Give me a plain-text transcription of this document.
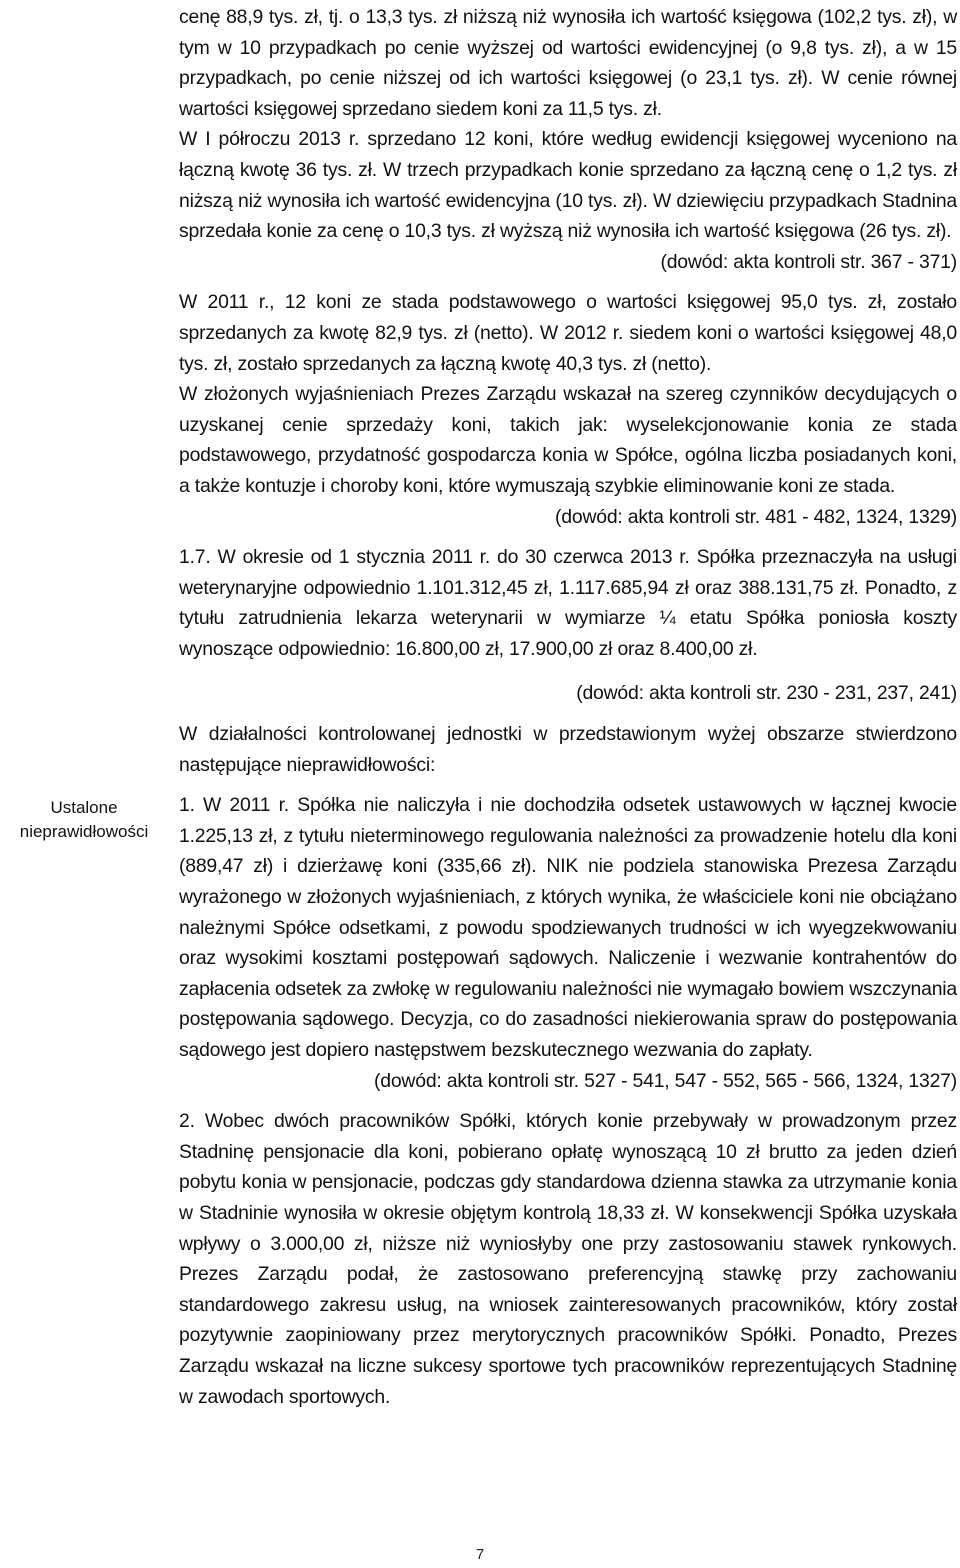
Ustalone
nieprawidłowości

cenę 88,9 tys. zł, tj. o 13,3 tys. zł niższą niż wynosiła ich wartość księgowa (102,2 tys. zł), w tym w 10 przypadkach po cenie wyższej od wartości ewidencyjnej (o 9,8 tys. zł), a w 15 przypadkach, po cenie niższej od ich wartości księgowej (o 23,1 tys. zł). W cenie równej wartości księgowej sprzedano siedem koni za 11,5 tys. zł.

W I półroczu 2013 r. sprzedano 12 koni, które według ewidencji księgowej wyceniono na łączną kwotę 36 tys. zł. W trzech przypadkach konie sprzedano za łączną cenę o 1,2 tys. zł niższą niż wynosiła ich wartość ewidencyjna (10 tys. zł). W dziewięciu przypadkach Stadnina sprzedała konie za cenę o 10,3 tys. zł wyższą niż wynosiła ich wartość księgowa (26 tys. zł).

(dowód: akta kontroli str. 367 - 371)

W 2011 r., 12 koni ze stada podstawowego o wartości księgowej 95,0 tys. zł, zostało sprzedanych za kwotę 82,9 tys. zł (netto). W 2012 r. siedem koni o wartości księgowej 48,0 tys. zł, zostało sprzedanych za łączną kwotę 40,3 tys. zł (netto).

W złożonych wyjaśnieniach Prezes Zarządu wskazał na szereg czynników decydujących o uzyskanej cenie sprzedaży koni, takich jak: wyselekcjonowanie konia ze stada podstawowego, przydatność gospodarcza konia w Spółce, ogólna liczba posiadanych koni, a także kontuzje i choroby koni, które wymuszają szybkie eliminowanie koni ze stada.

(dowód: akta kontroli str. 481 - 482, 1324, 1329)

1.7. W okresie od 1 stycznia 2011 r. do 30 czerwca 2013 r. Spółka przeznaczyła na usługi weterynaryjne odpowiednio 1.101.312,45 zł, 1.117.685,94 zł oraz 388.131,75 zł. Ponadto, z tytułu zatrudnienia lekarza weterynarii w wymiarze ¼ etatu Spółka poniosła koszty wynoszące odpowiednio: 16.800,00 zł, 17.900,00 zł oraz 8.400,00 zł.

(dowód: akta kontroli str. 230 - 231, 237, 241)

W działalności kontrolowanej jednostki w przedstawionym wyżej obszarze stwierdzono następujące nieprawidłowości:

1. W 2011 r. Spółka nie naliczyła i nie dochodziła odsetek ustawowych w łącznej kwocie 1.225,13 zł, z tytułu nieterminowego regulowania należności za prowadzenie hotelu dla koni (889,47 zł) i dzierżawę koni (335,66 zł). NIK nie podziela stanowiska Prezesa Zarządu wyrażonego w złożonych wyjaśnieniach, z których wynika, że właściciele koni nie obciążano należnymi Spółce odsetkami, z powodu spodziewanych trudności w ich wyegzekwowaniu oraz wysokimi kosztami postępowań sądowych. Naliczenie i wezwanie kontrahentów do zapłacenia odsetek za zwłokę w regulowaniu należności nie wymagało bowiem wszczynania postępowania sądowego. Decyzja, co do zasadności niekierowania spraw do postępowania sądowego jest dopiero następstwem bezskutecznego wezwania do zapłaty.

(dowód: akta kontroli str. 527 - 541, 547 - 552, 565 - 566, 1324, 1327)

2. Wobec dwóch pracowników Spółki, których konie przebywały w prowadzonym przez Stadninę pensjonacie dla koni, pobierano opłatę wynoszącą 10 zł brutto za jeden dzień pobytu konia w pensjonacie, podczas gdy standardowa dzienna stawka za utrzymanie konia w Stadninie wynosiła w okresie objętym kontrolą 18,33 zł. W konsekwencji Spółka uzyskała wpływy o 3.000,00 zł, niższe niż wyniosłyby one przy zastosowaniu stawek rynkowych. Prezes Zarządu podał, że zastosowano preferencyjną stawkę przy zachowaniu standardowego zakresu usług, na wniosek zainteresowanych pracowników, który został pozytywnie zaopiniowany przez merytorycznych pracowników Spółki. Ponadto, Prezes Zarządu wskazał na liczne sukcesy sportowe tych pracowników reprezentujących Stadninę w zawodach sportowych.

7
